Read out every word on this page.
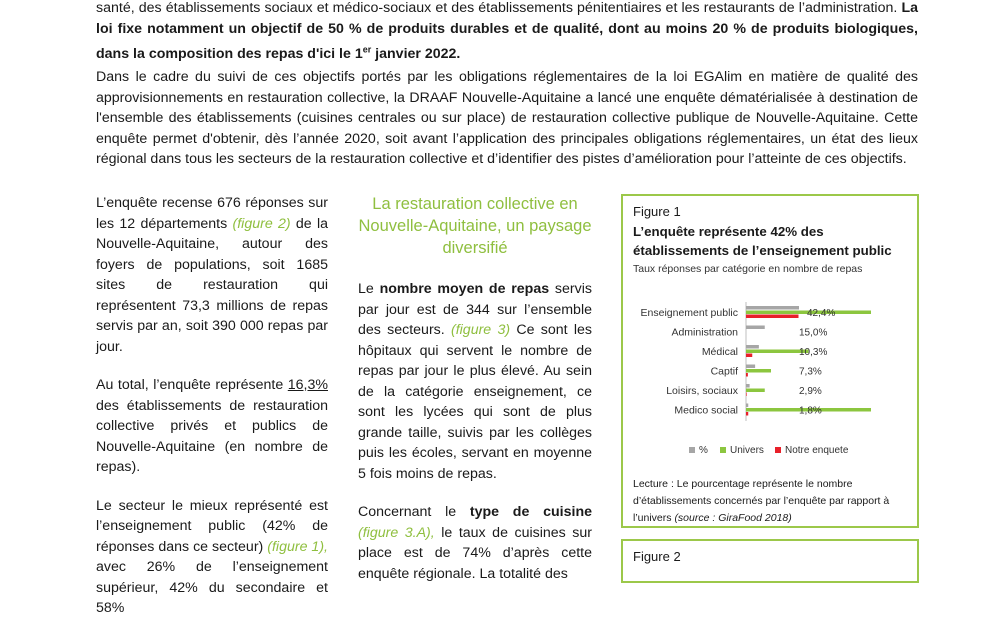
santé, des établissements sociaux et médico-sociaux et des établissements pénitentiaires et les restaurants de l’administration. La loi fixe notamment un objectif de 50 % de produits durables et de qualité, dont au moins 20 % de produits biologiques, dans la composition des repas d'ici le 1er janvier 2022.
Dans le cadre du suivi de ces objectifs portés par les obligations réglementaires de la loi EGAlim en matière de qualité des approvisionnements en restauration collective, la DRAAF Nouvelle-Aquitaine a lancé une enquête dématérialisée à destination de l'ensemble des établissements (cuisines centrales ou sur place) de restauration collective publique de Nouvelle-Aquitaine. Cette enquête permet d'obtenir, dès l’année 2020, soit avant l’application des principales obligations réglementaires, un état des lieux régional dans tous les secteurs de la restauration collective et d’identifier des pistes d’amélioration pour l’atteinte de ces objectifs.

L’enquête recense 676 réponses sur les 12 départements (figure 2) de la Nouvelle-Aquitaine, autour des foyers de populations, soit 1685 sites de restauration qui représentent 73,3 millions de repas servis par an, soit 390 000 repas par jour.

Au total, l’enquête représente 16,3% des établissements de restauration collective privés et publics de Nouvelle-Aquitaine (en nombre de repas).

Le secteur le mieux représenté est l’enseignement public (42% de réponses dans ce secteur) (figure 1), avec 26% de l’enseignement supérieur, 42% du secondaire et 58%

La restauration collective en Nouvelle-Aquitaine, un paysage diversifié

Le nombre moyen de repas servis par jour est de 344 sur l’ensemble des secteurs. (figure 3) Ce sont les hôpitaux qui servent le nombre de repas par jour le plus élevé. Au sein de la catégorie enseignement, ce sont les lycées qui sont de plus grande taille, suivis par les collèges puis les écoles, servant en moyenne 5 fois moins de repas.

Concernant le type de cuisine (figure 3.A), le taux de cuisines sur place est de 74% d’après cette enquête régionale. La totalité des

Figure 1
L’enquête représente 42% des établissements de l’enseignement public
Taux réponses par catégorie en nombre de repas
Enseignement public	42,4%
Administration	15,0%
Médical	10,3%
Captif	7,3%
Loisirs, sociaux	2,9%
Medico social	1,8%
% Univers Notre enquete
Lecture : Le pourcentage représente le nombre d’établissements concernés par l’enquête par rapport à l’univers (source : GiraFood 2018)
Figure 2
